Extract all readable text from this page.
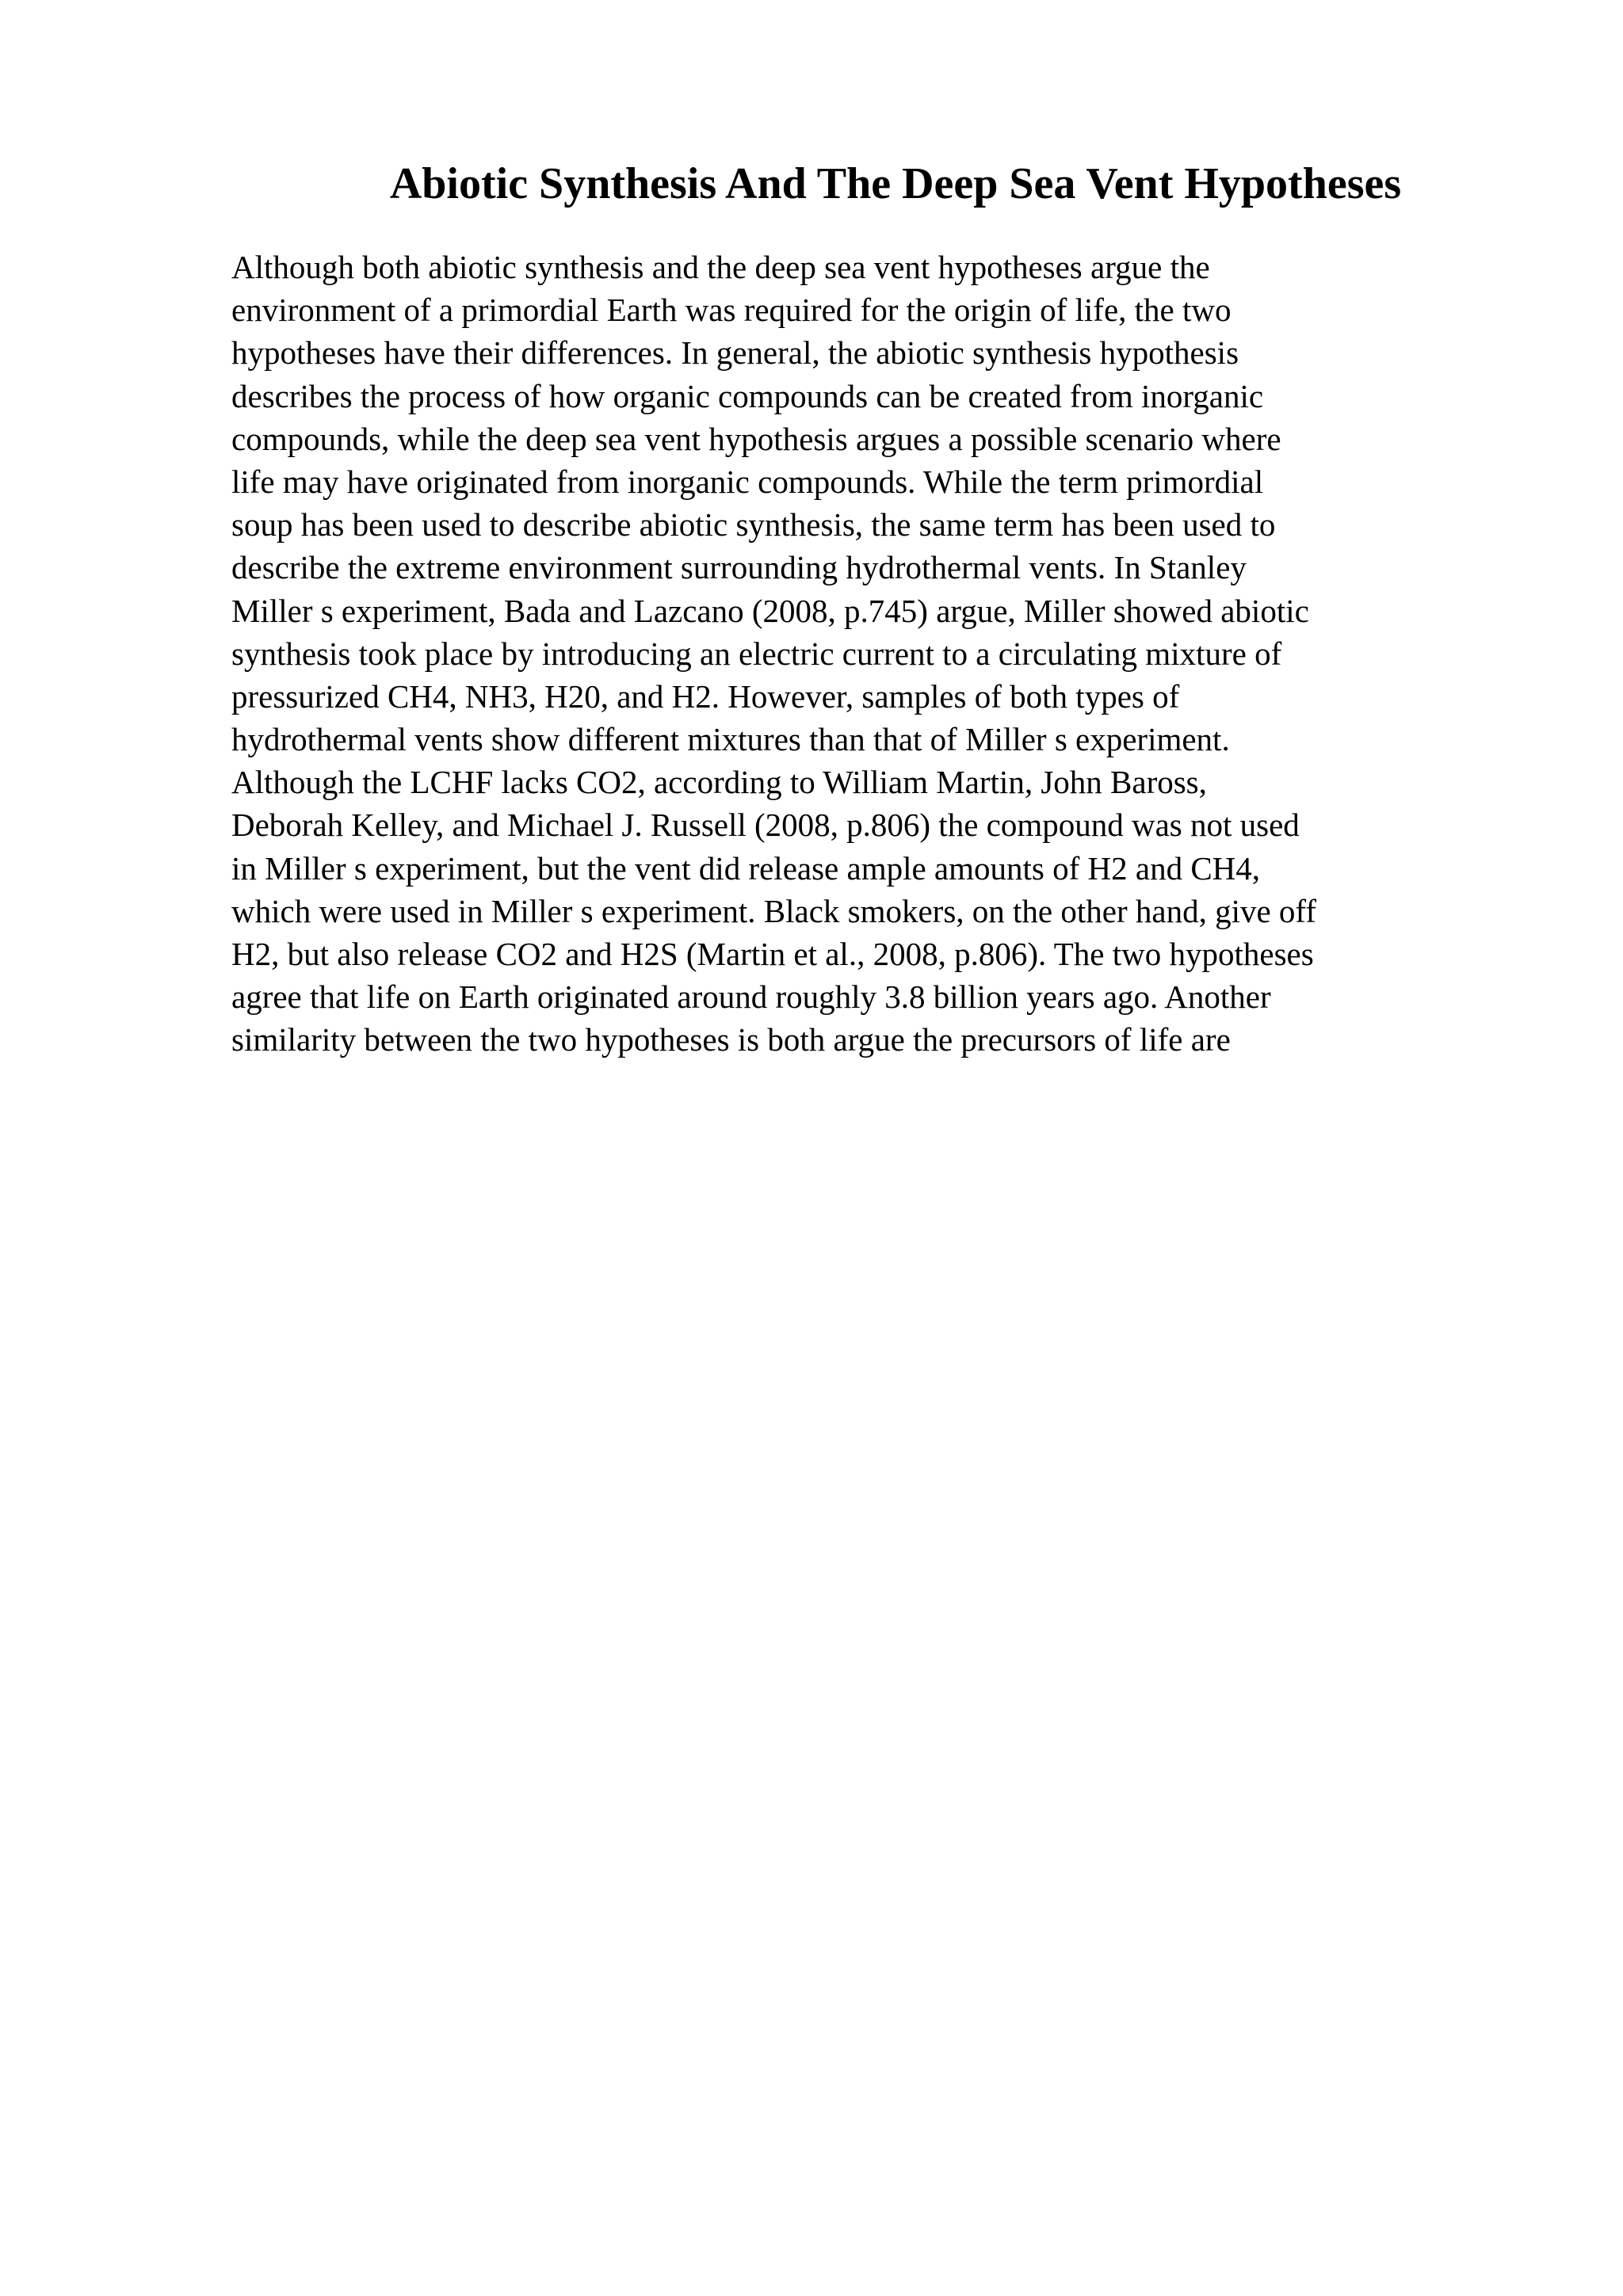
Abiotic Synthesis And The Deep Sea Vent Hypotheses
Although both abiotic synthesis and the deep sea vent hypotheses argue the
environment of a primordial Earth was required for the origin of life, the two
hypotheses have their differences. In general, the abiotic synthesis hypothesis
describes the process of how organic compounds can be created from inorganic
compounds, while the deep sea vent hypothesis argues a possible scenario where
life may have originated from inorganic compounds. While the term primordial
soup has been used to describe abiotic synthesis, the same term has been used to
describe the extreme environment surrounding hydrothermal vents. In Stanley
Miller s experiment, Bada and Lazcano (2008, p.745) argue, Miller showed abiotic
synthesis took place by introducing an electric current to a circulating mixture of
pressurized CH4, NH3, H20, and H2. However, samples of both types of
hydrothermal vents show different mixtures than that of Miller s experiment.
Although the LCHF lacks CO2, according to William Martin, John Baross,
Deborah Kelley, and Michael J. Russell (2008, p.806) the compound was not used
in Miller s experiment, but the vent did release ample amounts of H2 and CH4,
which were used in Miller s experiment. Black smokers, on the other hand, give off
H2, but also release CO2 and H2S (Martin et al., 2008, p.806). The two hypotheses
agree that life on Earth originated around roughly 3.8 billion years ago. Another
similarity between the two hypotheses is both argue the precursors of life are
